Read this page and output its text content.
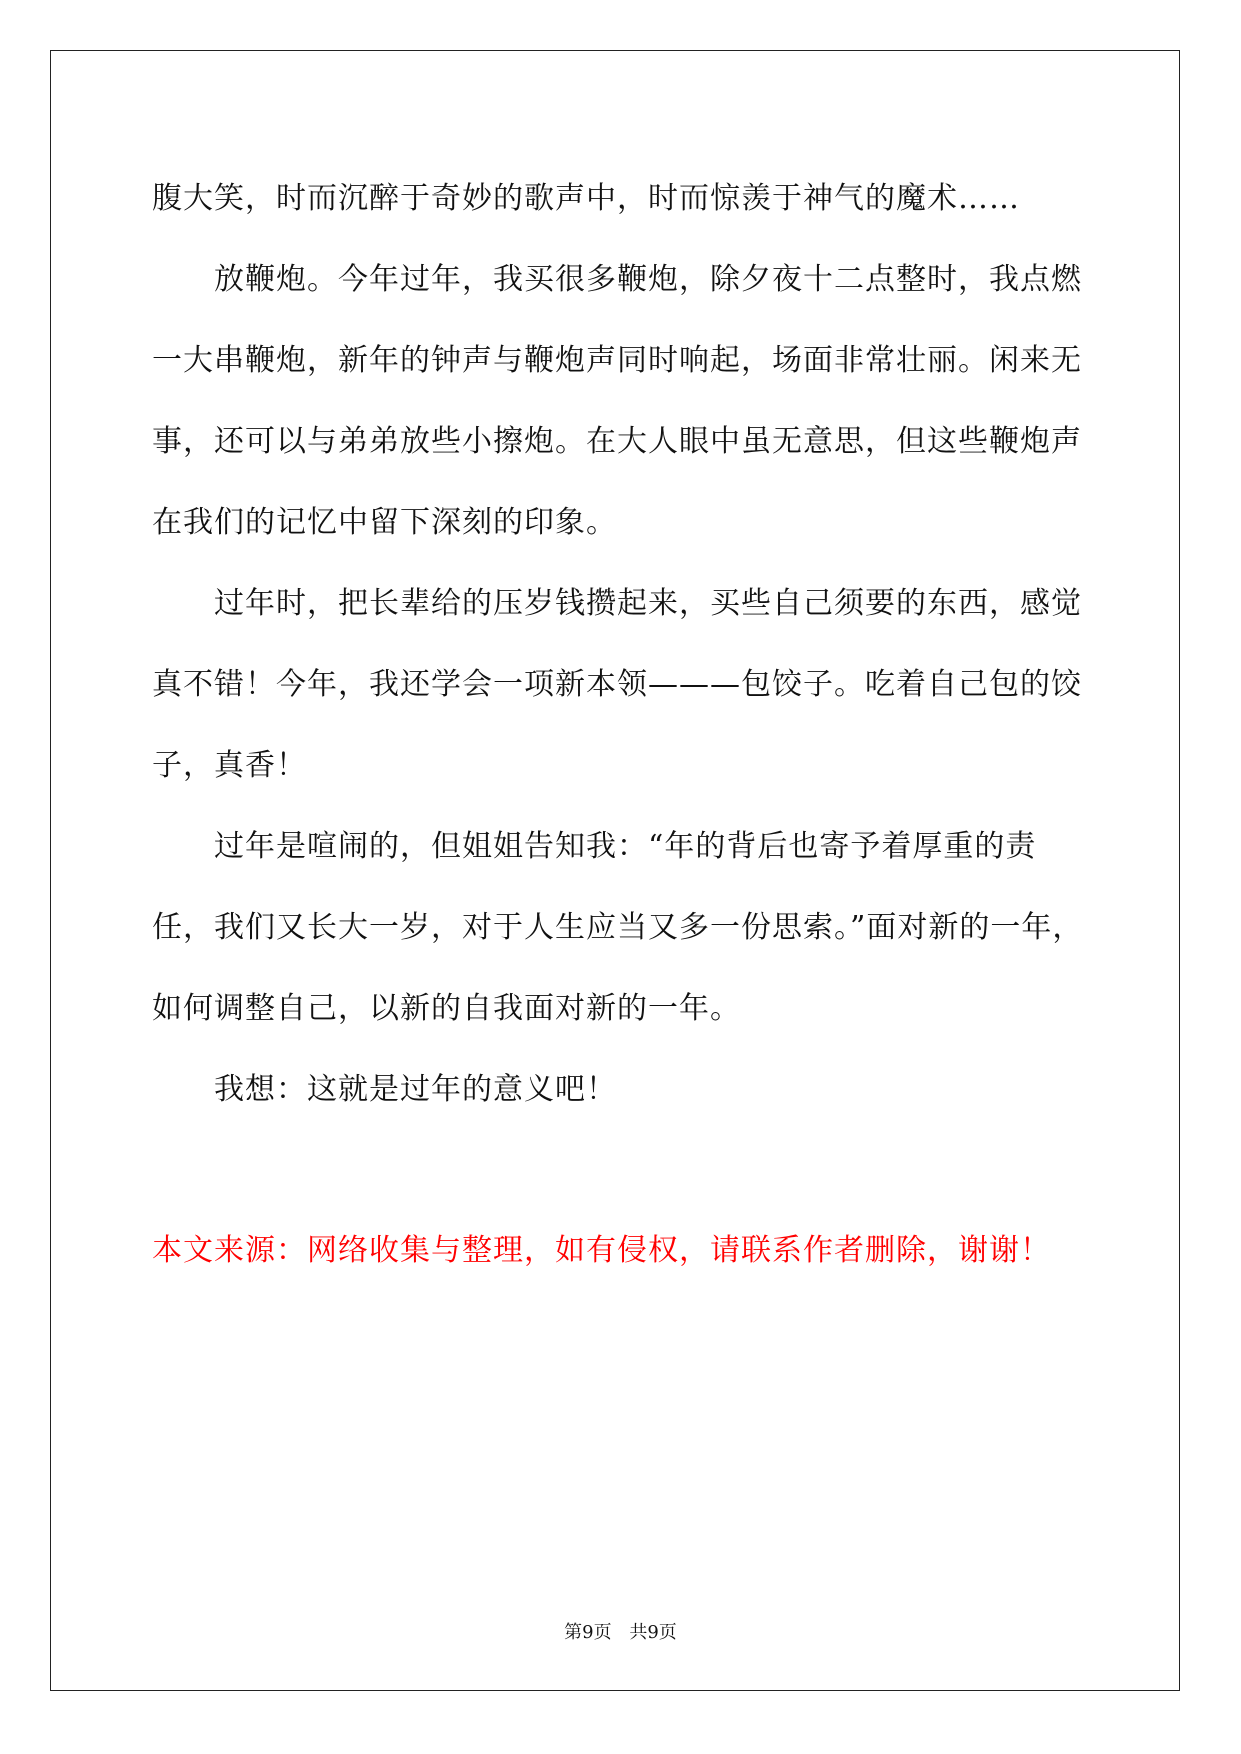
腹大笑，时而沉醉于奇妙的歌声中，时而惊羡于神气的魔术……

放鞭炮。今年过年，我买很多鞭炮，除夕夜十二点整时，我点燃一大串鞭炮，新年的钟声与鞭炮声同时响起，场面非常壮丽。闲来无事，还可以与弟弟放些小擦炮。在大人眼中虽无意思，但这些鞭炮声在我们的记忆中留下深刻的印象。

过年时，把长辈给的压岁钱攒起来，买些自己须要的东西，感觉真不错！今年，我还学会一项新本领———包饺子。吃着自己包的饺子，真香！

过年是喧闹的，但姐姐告知我：“年的背后也寄予着厚重的责任，我们又长大一岁，对于人生应当又多一份思索。”面对新的一年，如何调整自己，以新的自我面对新的一年。

我想：这就是过年的意义吧！

本文来源：网络收集与整理，如有侵权，请联系作者删除，谢谢！

第9页 共9页
